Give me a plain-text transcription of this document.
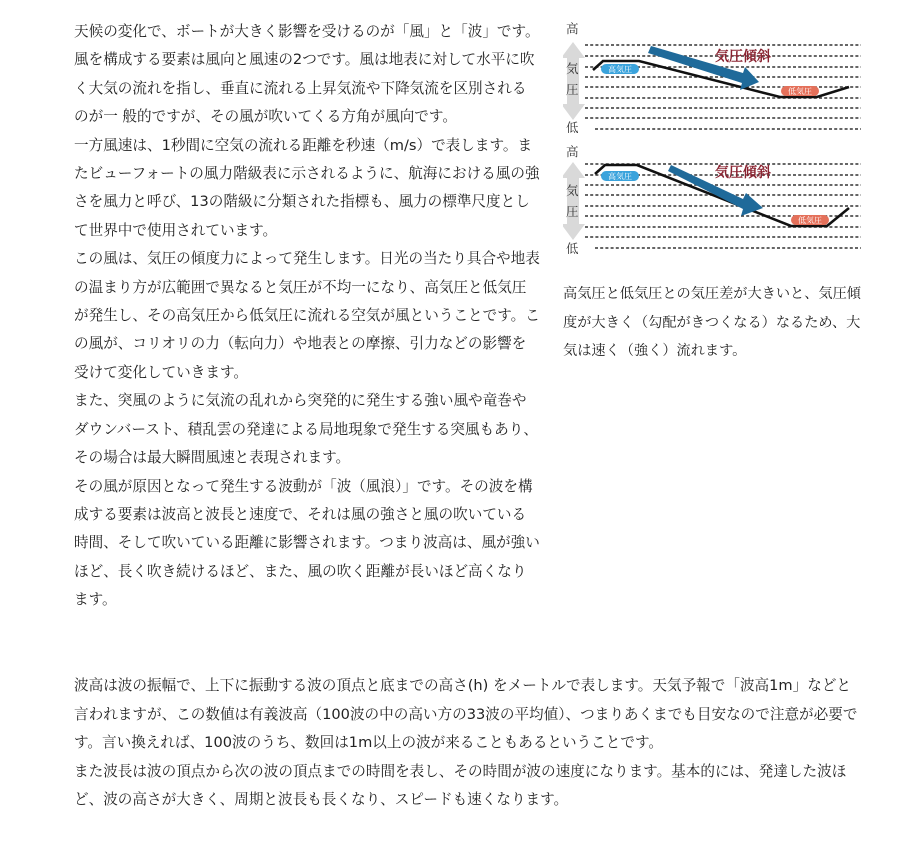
天候の変化で、ボートが大きく影響を受けるのが「風」と「波」です。風を構成する要素は風向と風速の2つです。風は地表に対して水平に吹く大気の流れを指し、垂直に流れる上昇気流や下降気流を区別されるのが一 般的ですが、その風が吹いてくる方角が風向です。

一方風速は、1秒間に空気の流れる距離を秒速（m/s）で表します。またビューフォートの風力階級表に示されるように、航海における風の強さを風力と呼び、13の階級に分類された指標も、風力の標準尺度として世界中で使用されています。

この風は、気圧の傾度力によって発生します。日光の当たり具合や地表 の温まり方が広範囲で異なると気圧が不均一になり、高気圧と低気圧が発生し、その高気圧から低気圧に流れる空気が風ということです。この風が、コリオリの力（転向力）や地表との摩擦、引力などの影響を受けて変化していきます。

また、突風のように気流の乱れから突発的に発生する強い風や竜巻やダウンバースト、積乱雲の発達による局地現象で発生する突風もあり、その場合は最大瞬間風速と表現されます。

その風が原因となって発生する波動が「波（風浪）」です。その波を構成する要素は波高と波長と速度で、それは風の強さと風の吹いている時間、そして吹いている距離に影響されます。つまり波高は、風が強いほど、長く吹き続けるほど、また、風の吹く距離が長いほど高くなります。

高
低
気
圧
高気圧
低気圧
気圧傾斜
高
低
気
圧
高気圧
低気圧
気圧傾斜

高気圧と低気圧との気圧差が大きいと、気圧傾度が大きく（勾配がきつくなる）なるため、大気は速く（強く）流れます。

波高は波の振幅で、上下に振動する波の頂点と底までの高さ(h) をメートルで表します。天気予報で「波高1m」などと言われますが、この数値は有義波高（100波の中の高い方の33波の平均値）、つまりあくまでも目安なので注意が必要です。言い換えれば、100波のうち、数回は1m以上の波が来ることもあるということです。

また波長は波の頂点から次の波の頂点までの時間を表し、その時間が波の速度になります。基本的には、発達した波ほど、波の高さが大きく、周期と波長も長くなり、スピードも速くなります。
